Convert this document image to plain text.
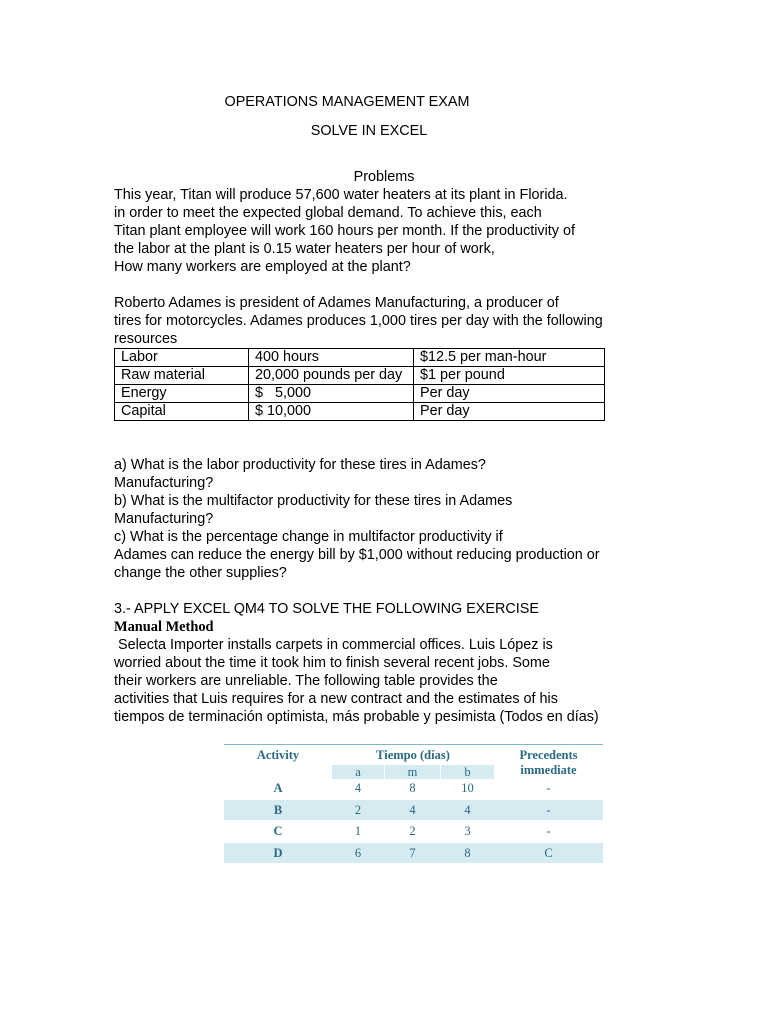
OPERATIONS MANAGEMENT EXAM
SOLVE IN EXCEL
Problems
This year, Titan will produce 57,600 water heaters at its plant in Florida.
in order to meet the expected global demand. To achieve this, each
Titan plant employee will work 160 hours per month. If the productivity of
the labor at the plant is 0.15 water heaters per hour of work,
How many workers are employed at the plant?
Roberto Adames is president of Adames Manufacturing, a producer of
tires for motorcycles. Adames produces 1,000 tires per day with the following
resources
Labor	400 hours	$12.5 per man-hour
Raw material	20,000 pounds per day	$1 per pound
Energy	$   5,000	Per day
Capital	$ 10,000	Per day
a) What is the labor productivity for these tires in Adames?
Manufacturing?
b) What is the multifactor productivity for these tires in Adames
Manufacturing?
c) What is the percentage change in multifactor productivity if
Adames can reduce the energy bill by $1,000 without reducing production or
change the other supplies?
3.- APPLY EXCEL QM4 TO SOLVE THE FOLLOWING EXERCISE
Manual Method
Selecta Importer installs carpets in commercial offices. Luis López is
worried about the time it took him to finish several recent jobs. Some
their workers are unreliable. The following table provides the
activities that Luis requires for a new contract and the estimates of his
tiempos de terminación optimista, más probable y pesimista (Todos en días)
Activity	Tiempo (días)	Precedents
immediate
a	m	b
A	4	8	10	-
B	2	4	4	-
C	1	2	3	-
D	6	7	8	C
